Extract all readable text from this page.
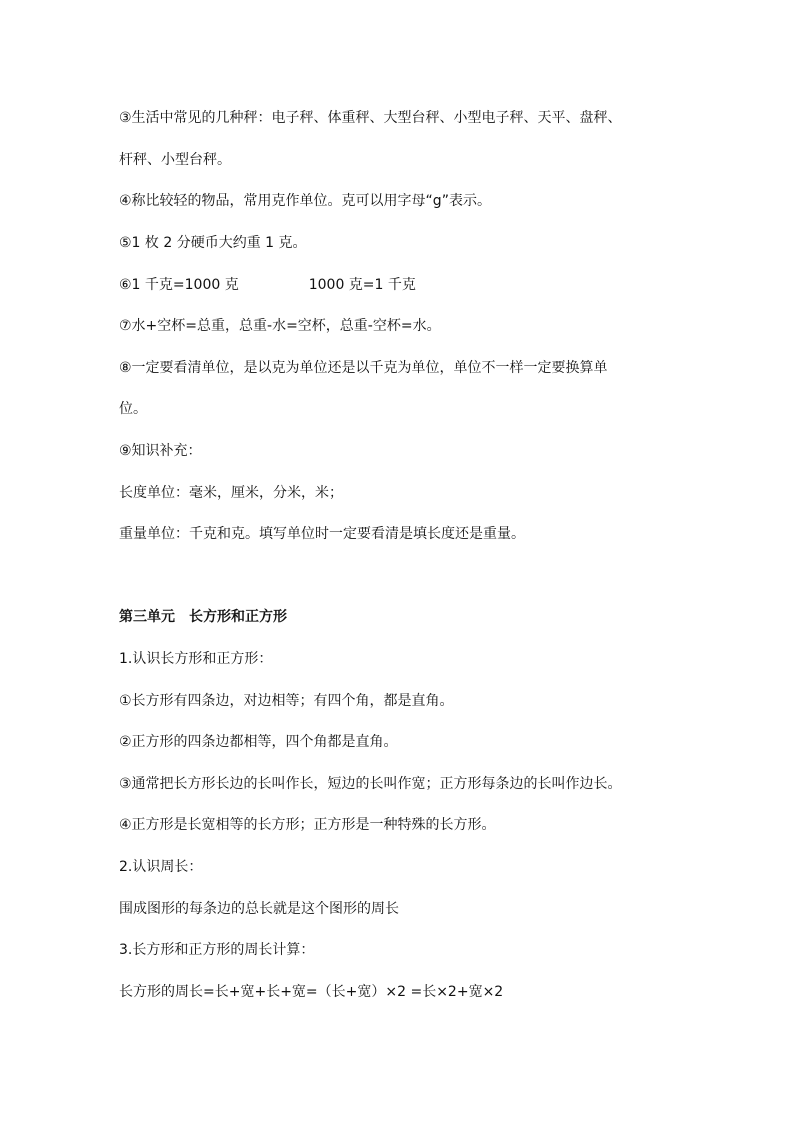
③生活中常见的几种秤：电子秤、体重秤、大型台秤、小型电子秤、天平、盘秤、
杆秤、小型台秤。
④称比较轻的物品，常用克作单位。克可以用字母“g”表示。
⑤1 枚 2 分硬币大约重 1 克。
⑥1 千克=1000 克	1000 克=1 千克
⑦水+空杯=总重，总重-水=空杯，总重-空杯=水。
⑧一定要看清单位，是以克为单位还是以千克为单位，单位不一样一定要换算单
位。
⑨知识补充：
长度单位：毫米，厘米，分米，米；
重量单位：千克和克。填写单位时一定要看清是填长度还是重量。
第三单元　长方形和正方形
1.认识长方形和正方形：
①长方形有四条边，对边相等；有四个角，都是直角。
②正方形的四条边都相等，四个角都是直角。
③通常把长方形长边的长叫作长，短边的长叫作宽；正方形每条边的长叫作边长。
④正方形是长宽相等的长方形；正方形是一种特殊的长方形。
2.认识周长：
围成图形的每条边的总长就是这个图形的周长
3.长方形和正方形的周长计算：
长方形的周长=长+宽+长+宽=（长+宽）×2 =长×2+宽×2
